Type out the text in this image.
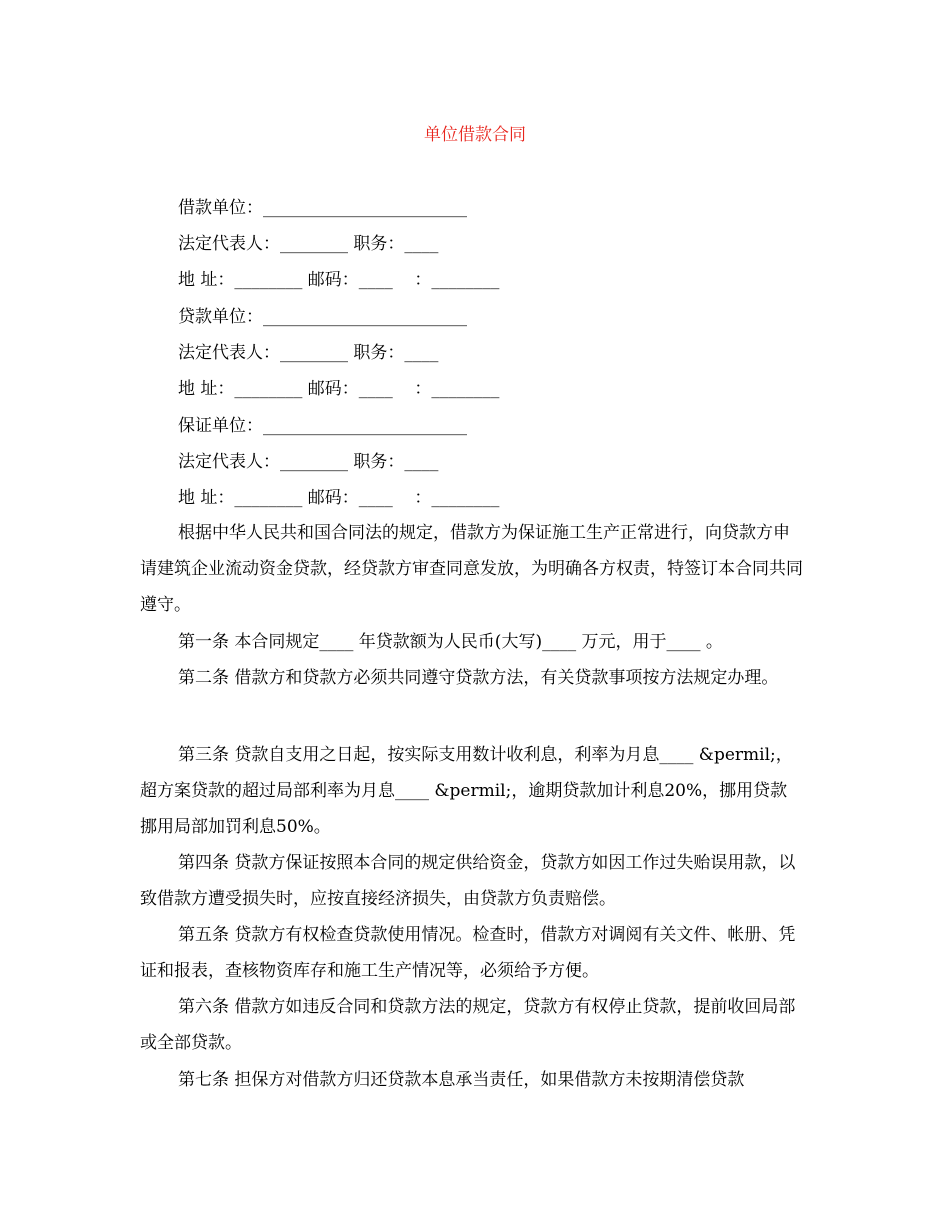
单位借款合同
借款单位：________________________
法定代表人：________ 职务：____
地 址：________ 邮码：____    ：________
贷款单位：________________________
法定代表人：________ 职务：____
地 址：________ 邮码：____    ：________
保证单位：________________________
法定代表人：________ 职务：____
地 址：________ 邮码：____    ：________
根据中华人民共和国合同法的规定，借款方为保证施工生产正常进行，向贷款方申请建筑企业流动资金贷款，经贷款方审查同意发放，为明确各方权责，特签订本合同共同遵守。
第一条 本合同规定____ 年贷款额为人民币(大写)____ 万元，用于____ 。
第二条 借款方和贷款方必须共同遵守贷款方法，有关贷款事项按方法规定办理。
第三条 贷款自支用之日起，按实际支用数计收利息，利率为月息____ &permil;，超方案贷款的超过局部利率为月息____ &permil;，逾期贷款加计利息20%，挪用贷款挪用局部加罚利息50%。
第四条 贷款方保证按照本合同的规定供给资金，贷款方如因工作过失贻误用款，以致借款方遭受损失时，应按直接经济损失，由贷款方负责赔偿。
第五条 贷款方有权检查贷款使用情况。检查时，借款方对调阅有关文件、帐册、凭证和报表，查核物资库存和施工生产情况等，必须给予方便。
第六条 借款方如违反合同和贷款方法的规定，贷款方有权停止贷款，提前收回局部或全部贷款。
第七条 担保方对借款方归还贷款本息承当责任，如果借款方未按期清偿贷款
